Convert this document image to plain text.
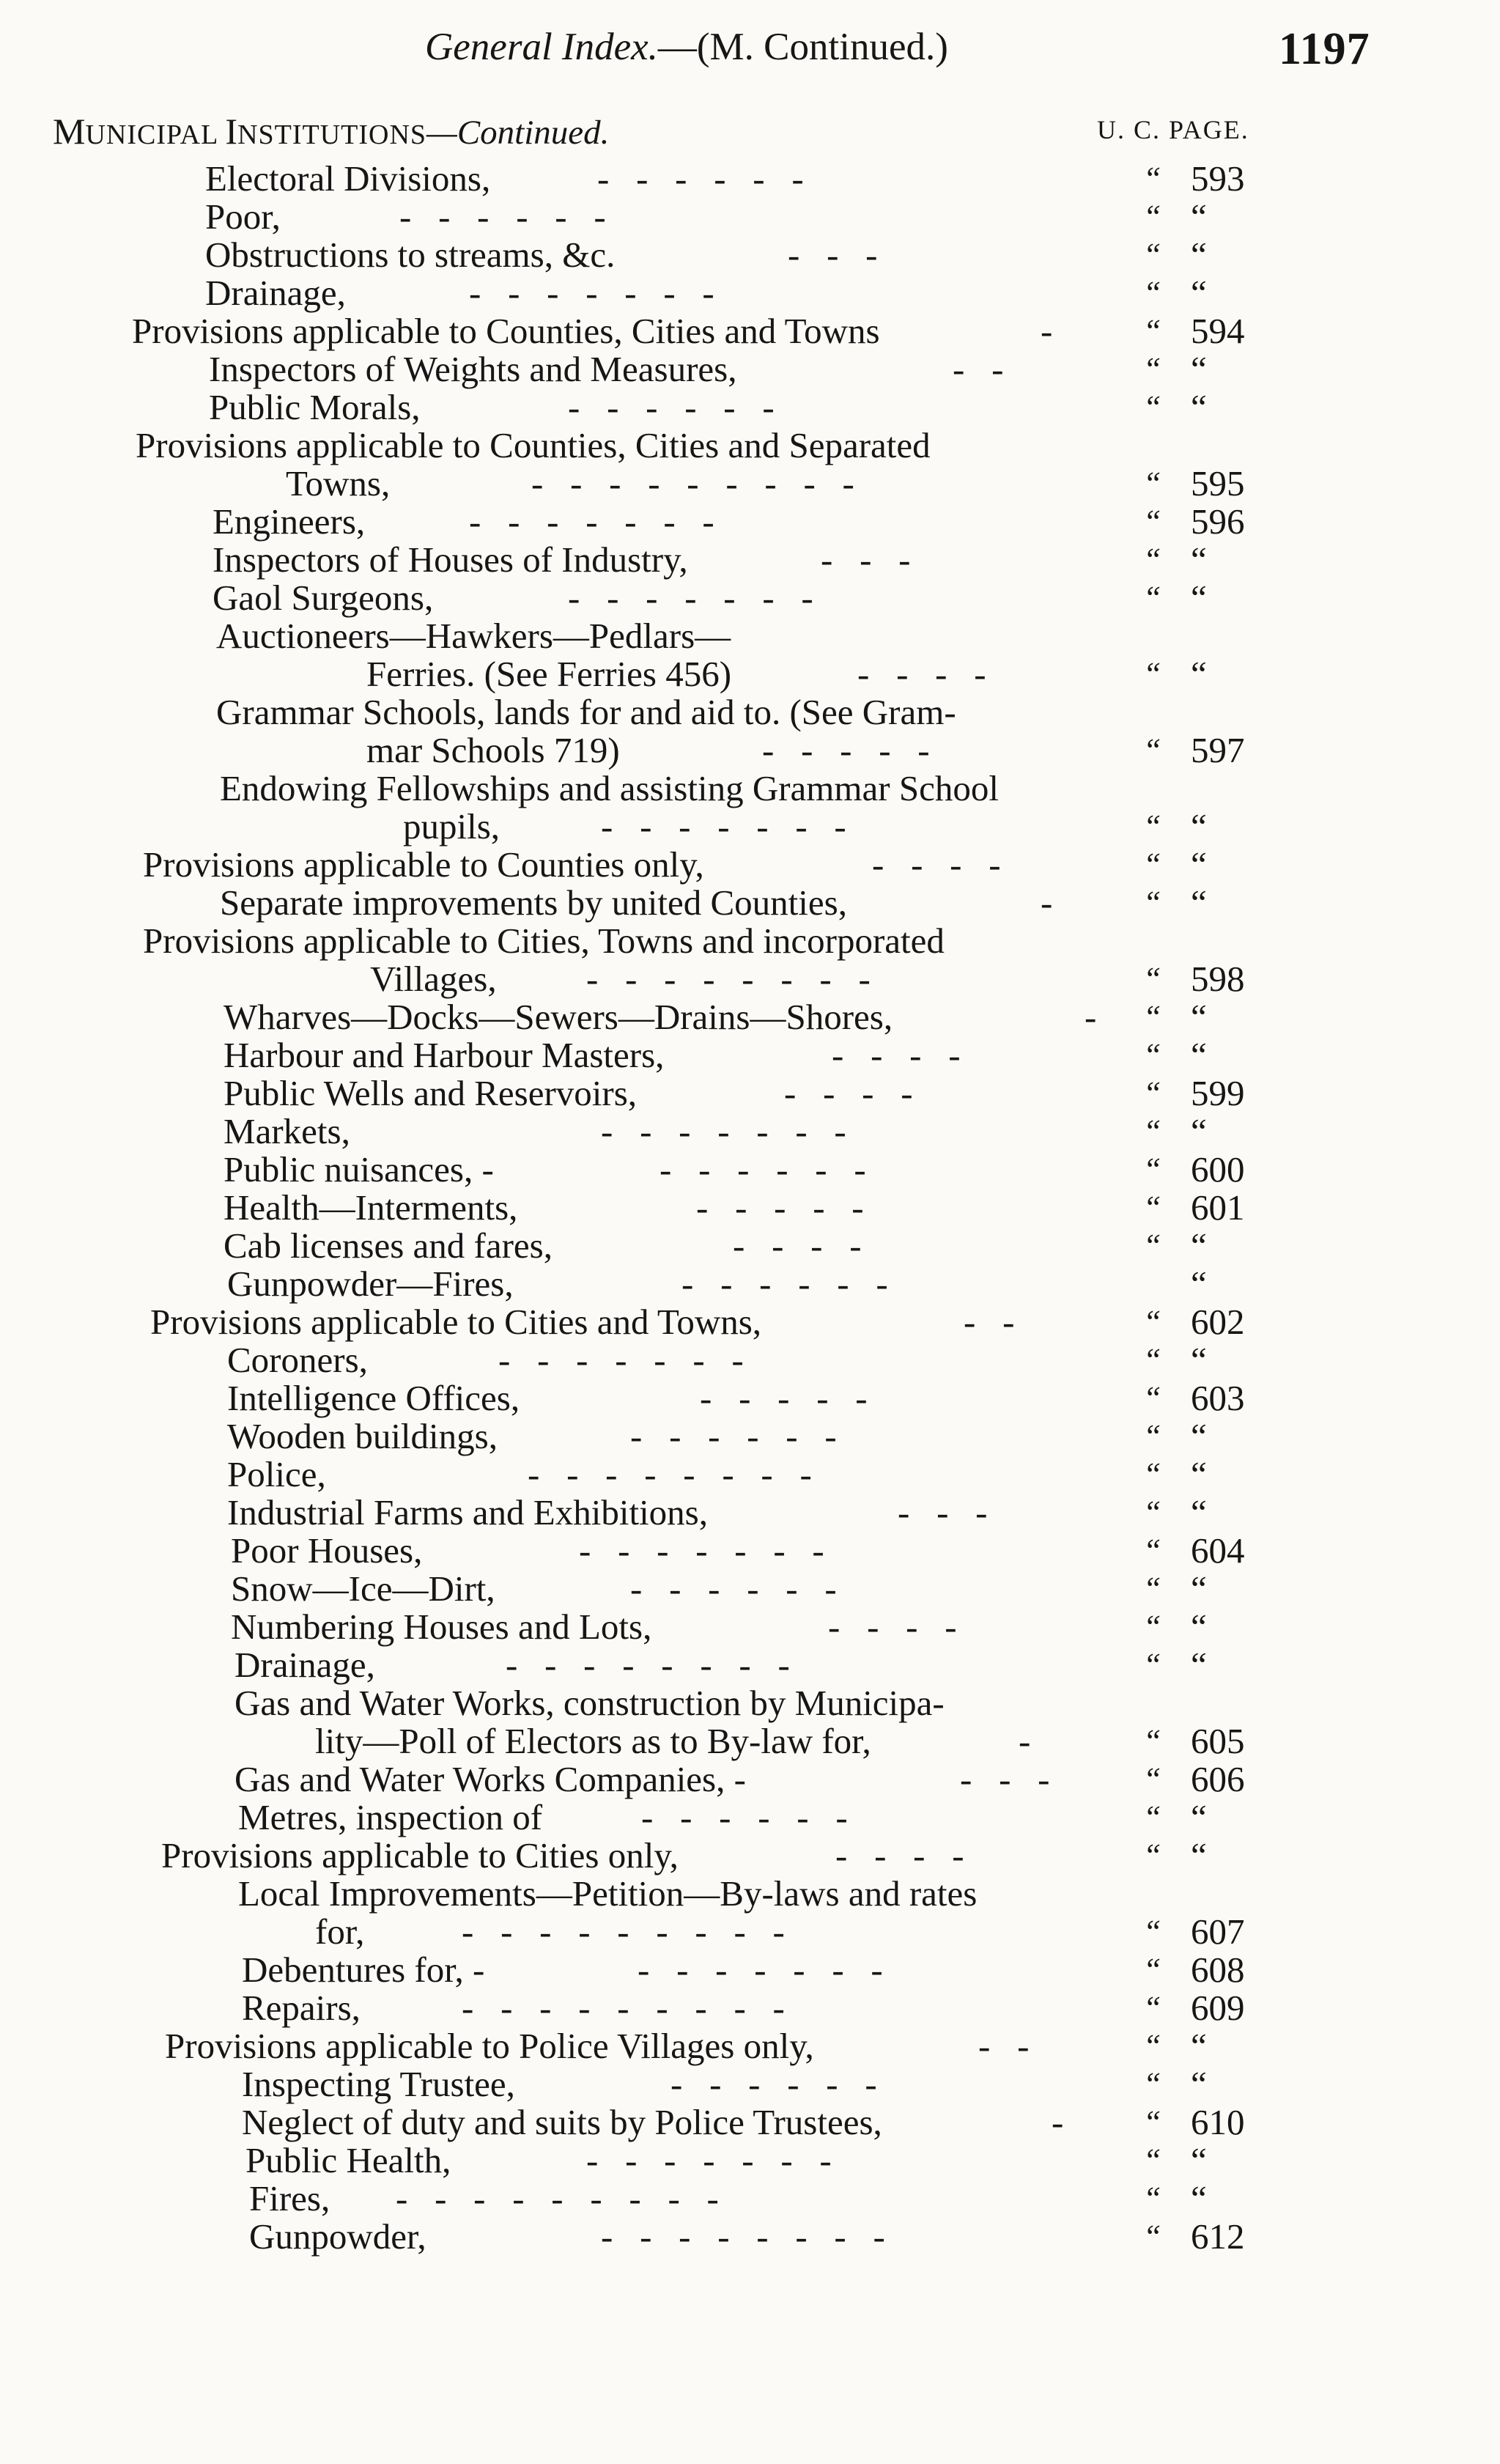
General Index.—(M. Continued.)	1197
MUNICIPAL INSTITUTIONS—Continued.	U. C. PAGE.
Electoral Divisions,	-   -   -   -   -   -	“ 593
Poor,	-   -   -   -   -   -	“ “
Obstructions to streams, &c.	-   -   -	“ “
Drainage,	-   -   -   -   -   -   -	“ “
Provisions applicable to Counties, Cities and Towns	-	“ 594
Inspectors of Weights and Measures,	-   -	“ “
Public Morals,	-   -   -   -   -   -	“ “
Provisions applicable to Counties, Cities and Separated
Towns,	-   -   -   -   -   -   -   -   -	“ 595
Engineers,	-   -   -   -   -   -   -	“ 596
Inspectors of Houses of Industry,	-   -   -	“ “
Gaol Surgeons,	-   -   -   -   -   -   -	“ “
Auctioneers—Hawkers—Pedlars—
Ferries. (See Ferries 456)	-   -   -   -	“ “
Grammar Schools, lands for and aid to. (See Gram-
mar Schools 719)	-   -   -   -   -	“ 597
Endowing Fellowships and assisting Grammar School
pupils,	-   -   -   -   -   -   -	“ “
Provisions applicable to Counties only,	-   -   -   -	“ “
Separate improvements by united Counties,	-	“ “
Provisions applicable to Cities, Towns and incorporated
Villages, -   -   -   -   -   -   -   -	“ 598
Wharves—Docks—Sewers—Drains—Shores,	- “ “
Harbour and Harbour Masters,	-   -   -   -	“ “
Public Wells and Reservoirs,	-   -   -   -	“ 599
Markets,	-   -   -   -   -   -   -	“ “
Public nuisances, -	-   -   -   -   -   -	“ 600
Health—Interments,	-   -   -   -   -	“ 601
Cab licenses and fares,	-   -   -   -	“ “
Gunpowder—Fires,	-   -   -   -   -   -	“
Provisions applicable to Cities and Towns,	-   -	“ 602
Coroners,	-   -   -   -   -   -   -	“ “
Intelligence Offices,	-   -   -   -   -	“ 603
Wooden buildings,	-   -   -   -   -   -	“ “
Police,	-   -   -   -   -   -   -   -	“ “
Industrial Farms and Exhibitions,	-   -   -	“ “
Poor Houses,	-   -   -   -   -   -   -	“ 604
Snow—Ice—Dirt,	-   -   -   -   -   -	“ “
Numbering Houses and Lots,	-   -   -   -	“ “
Drainage,	-   -   -   -   -   -   -   -	“ “
Gas and Water Works, construction by Municipa-
lity—Poll of Electors as to By-law for,	-	“ 605
Gas and Water Works Companies, -	-   -   -	“ 606
Metres, inspection of	-   -   -   -   -   -	“ “
Provisions applicable to Cities only,	-   -   -   -	“ “
Local Improvements—Petition—By-laws and rates
for,	-   -   -   -   -   -   -   -   -	“ 607
Debentures for, -	-   -   -   -   -   -   -	“ 608
Repairs,	-   -   -   -   -   -   -   -   -	“ 609
Provisions applicable to Police Villages only,	-   -	“ “
Inspecting Trustee,	-   -   -   -   -   -	“ “
Neglect of duty and suits by Police Trustees,	- “ 610
Public Health,	-   -   -   -   -   -   -	“ “
Fires, -   -   -   -   -   -   -   -   -	“ “
Gunpowder,	-   -   -   -   -   -   -   -	“ 612
